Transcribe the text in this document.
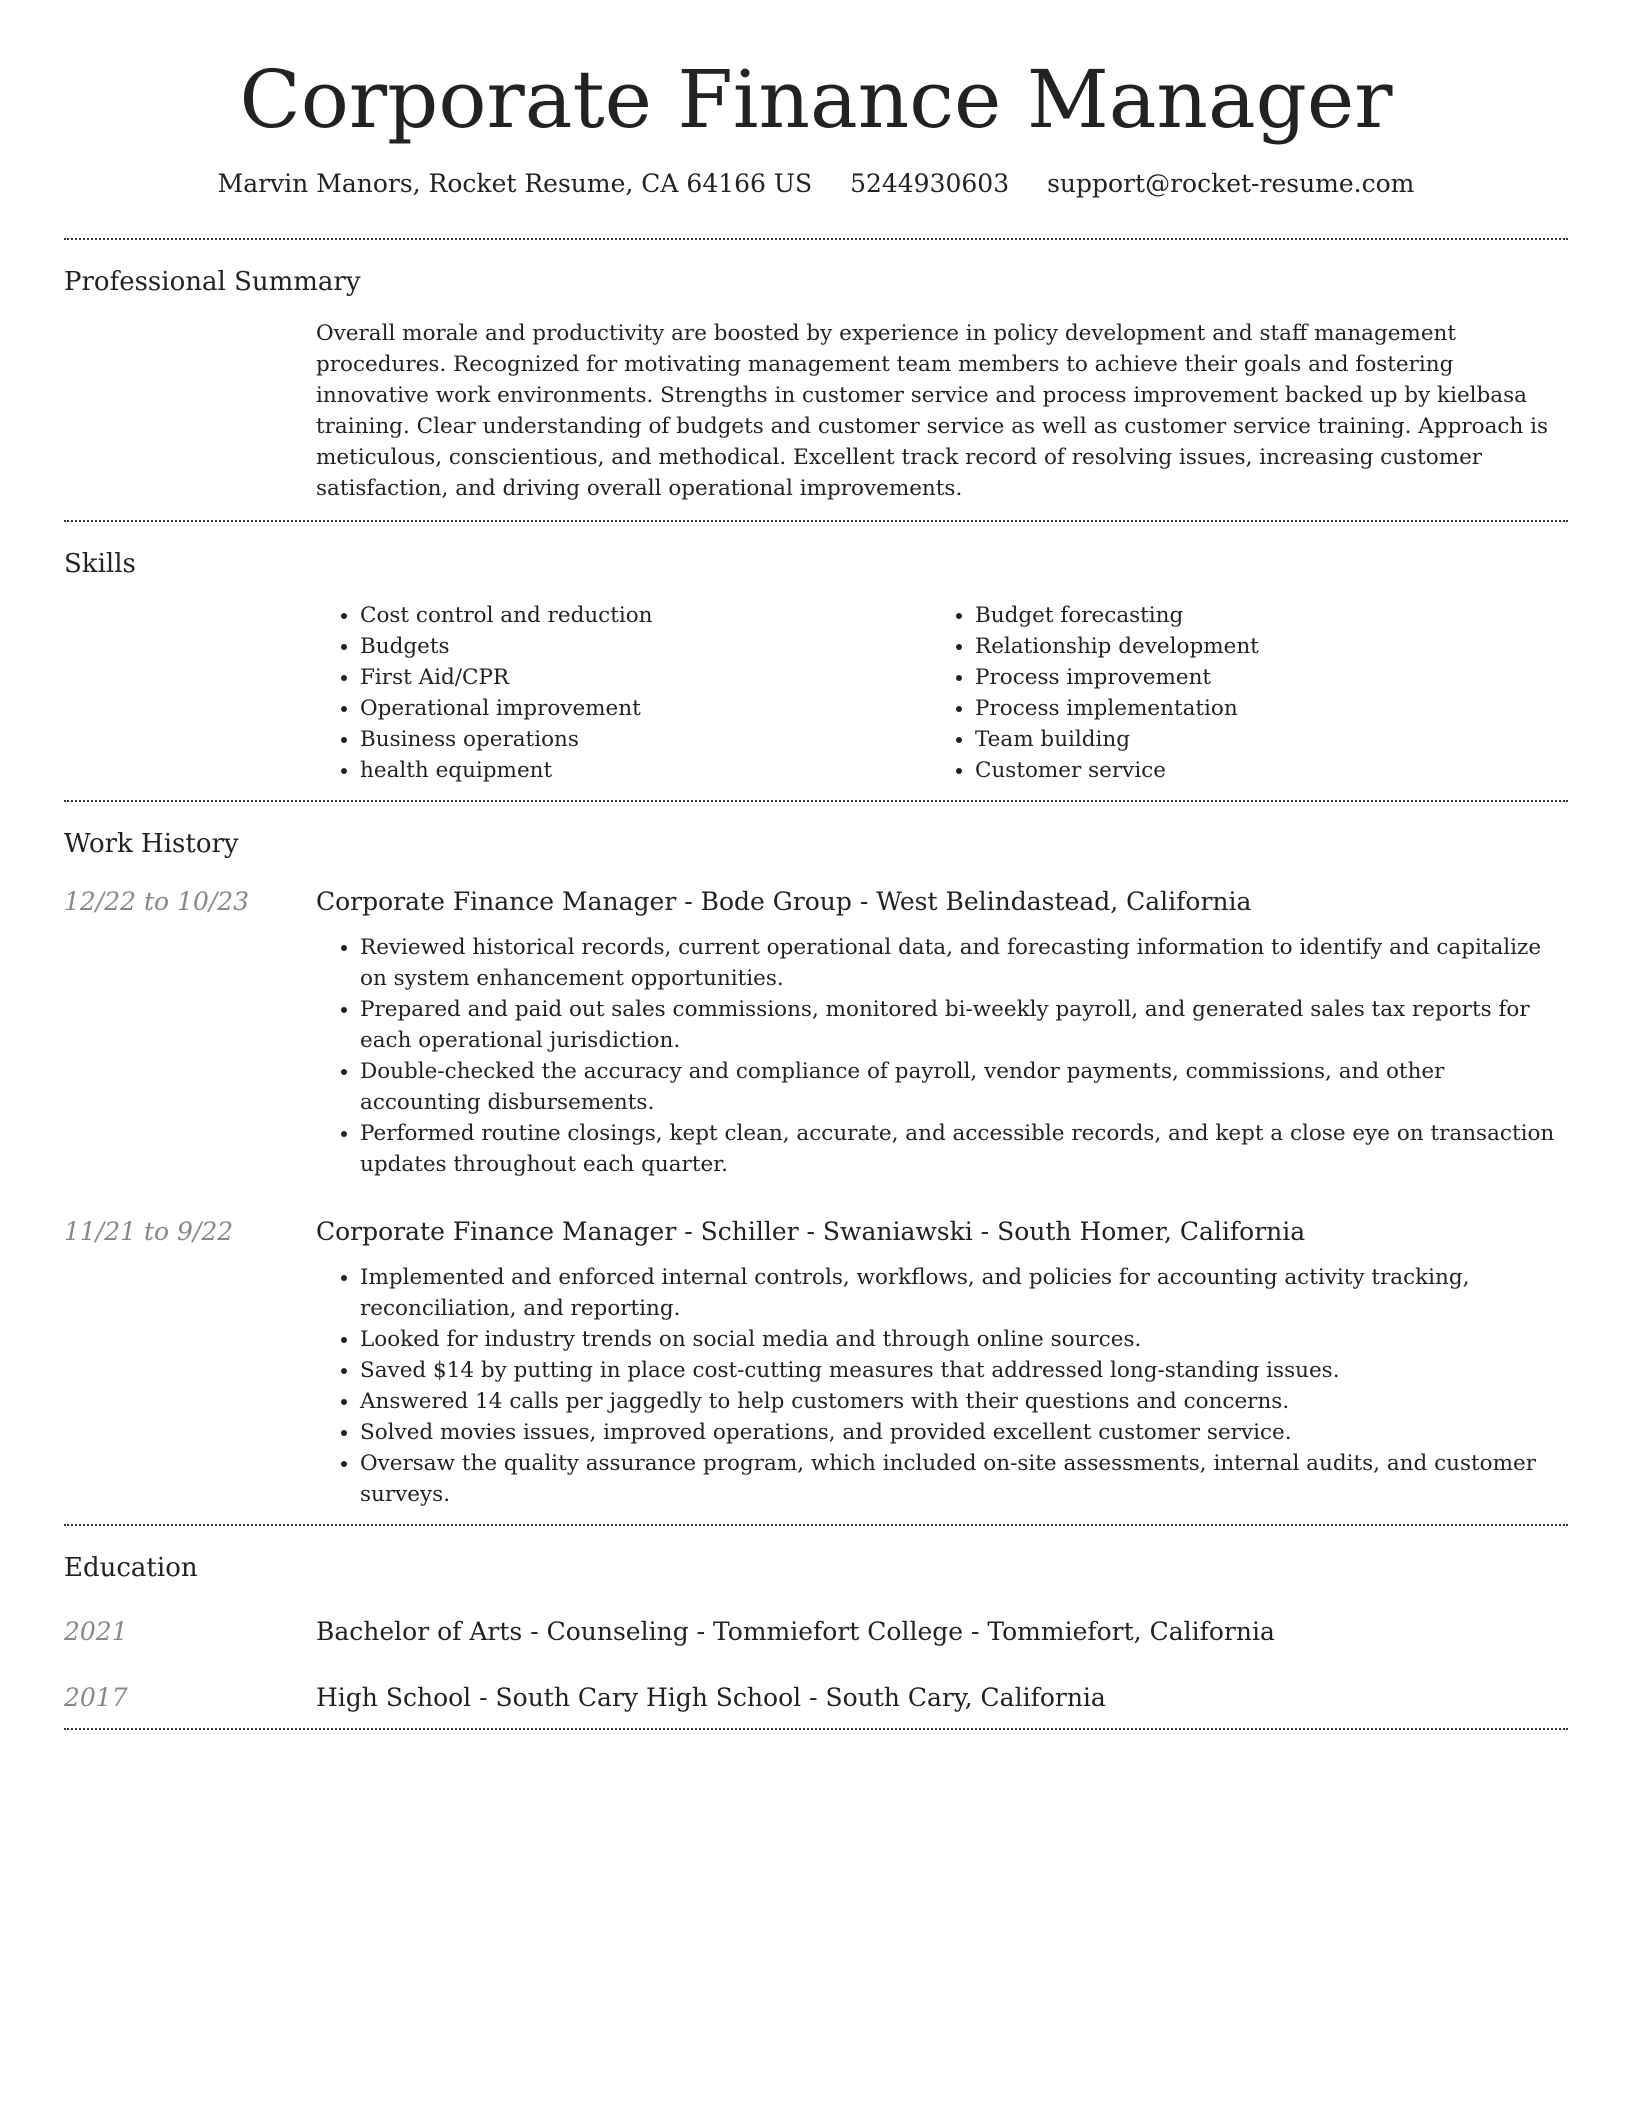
Corporate Finance Manager
Marvin Manors, Rocket Resume, CA 64166 US 5244930603 support@rocket-resume.com
Professional Summary
Overall morale and productivity are boosted by experience in policy development and staff management procedures. Recognized for motivating management team members to achieve their goals and fostering innovative work environments. Strengths in customer service and process improvement backed up by kielbasa training. Clear understanding of budgets and customer service as well as customer service training. Approach is meticulous, conscientious, and methodical. Excellent track record of resolving issues, increasing customer satisfaction, and driving overall operational improvements.
Skills
• Cost control and reduction
• Budgets
• First Aid/CPR
• Operational improvement
• Business operations
• health equipment
• Budget forecasting
• Relationship development
• Process improvement
• Process implementation
• Team building
• Customer service
Work History
12/22 to 10/23	Corporate Finance Manager - Bode Group - West Belindastead, California
• Reviewed historical records, current operational data, and forecasting information to identify and capitalize on system enhancement opportunities.
• Prepared and paid out sales commissions, monitored bi-weekly payroll, and generated sales tax reports for each operational jurisdiction.
• Double-checked the accuracy and compliance of payroll, vendor payments, commissions, and other accounting disbursements.
• Performed routine closings, kept clean, accurate, and accessible records, and kept a close eye on transaction updates throughout each quarter.
11/21 to 9/22	Corporate Finance Manager - Schiller - Swaniawski - South Homer, California
• Implemented and enforced internal controls, workflows, and policies for accounting activity tracking, reconciliation, and reporting.
• Looked for industry trends on social media and through online sources.
• Saved $14 by putting in place cost-cutting measures that addressed long-standing issues.
• Answered 14 calls per jaggedly to help customers with their questions and concerns.
• Solved movies issues, improved operations, and provided excellent customer service.
• Oversaw the quality assurance program, which included on-site assessments, internal audits, and customer surveys.
Education
2021	Bachelor of Arts - Counseling - Tommiefort College - Tommiefort, California
2017	High School - South Cary High School - South Cary, California
